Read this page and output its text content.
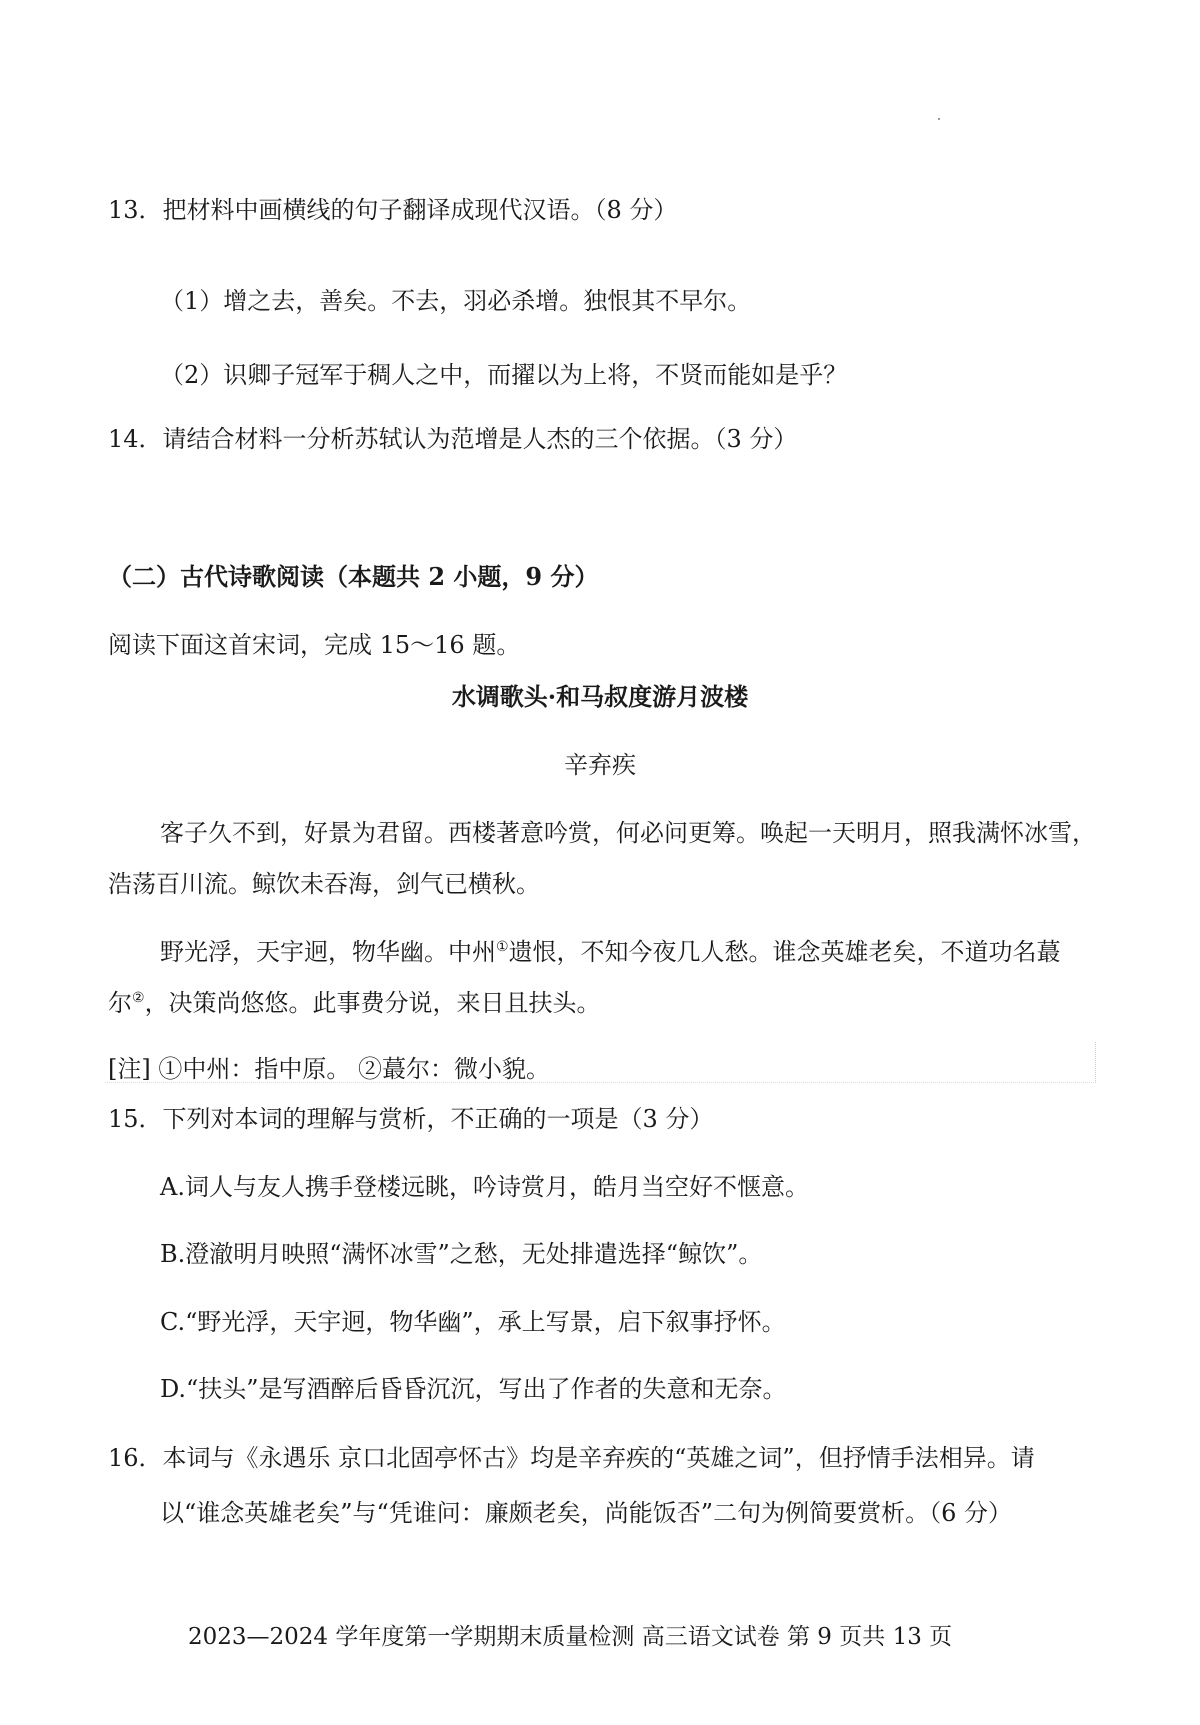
13．把材料中画横线的句子翻译成现代汉语。（8 分）
（1）增之去，善矣。不去，羽必杀增。独恨其不早尔。
（2）识卿子冠军于稠人之中，而擢以为上将，不贤而能如是乎？
14．请结合材料一分析苏轼认为范增是人杰的三个依据。（3 分）
（二）古代诗歌阅读（本题共 2 小题，9 分）
阅读下面这首宋词，完成 15～16 题。
水调歌头·和马叔度游月波楼
辛弃疾
客子久不到，好景为君留。西楼著意吟赏，何必问更筹。唤起一天明月，照我满怀冰雪，
浩荡百川流。鲸饮未吞海，剑气已横秋。
野光浮，天宇迥，物华幽。中州①遗恨，不知今夜几人愁。谁念英雄老矣，不道功名蕞
尔②，决策尚悠悠。此事费分说，来日且扶头。
[注] ①中州：指中原。 ②蕞尔：微小貌。
15．下列对本词的理解与赏析，不正确的一项是（3 分）
A.词人与友人携手登楼远眺，吟诗赏月，皓月当空好不惬意。
B.澄澈明月映照“满怀冰雪”之愁，无处排遣选择“鲸饮”。
C.“野光浮，天宇迥，物华幽”，承上写景，启下叙事抒怀。
D.“扶头”是写酒醉后昏昏沉沉，写出了作者的失意和无奈。
16．本词与《永遇乐 京口北固亭怀古》均是辛弃疾的“英雄之词”，但抒情手法相异。请
以“谁念英雄老矣”与“凭谁问：廉颇老矣，尚能饭否”二句为例简要赏析。（6 分）
2023—2024 学年度第一学期期末质量检测 高三语文试卷 第 9 页共 13 页
